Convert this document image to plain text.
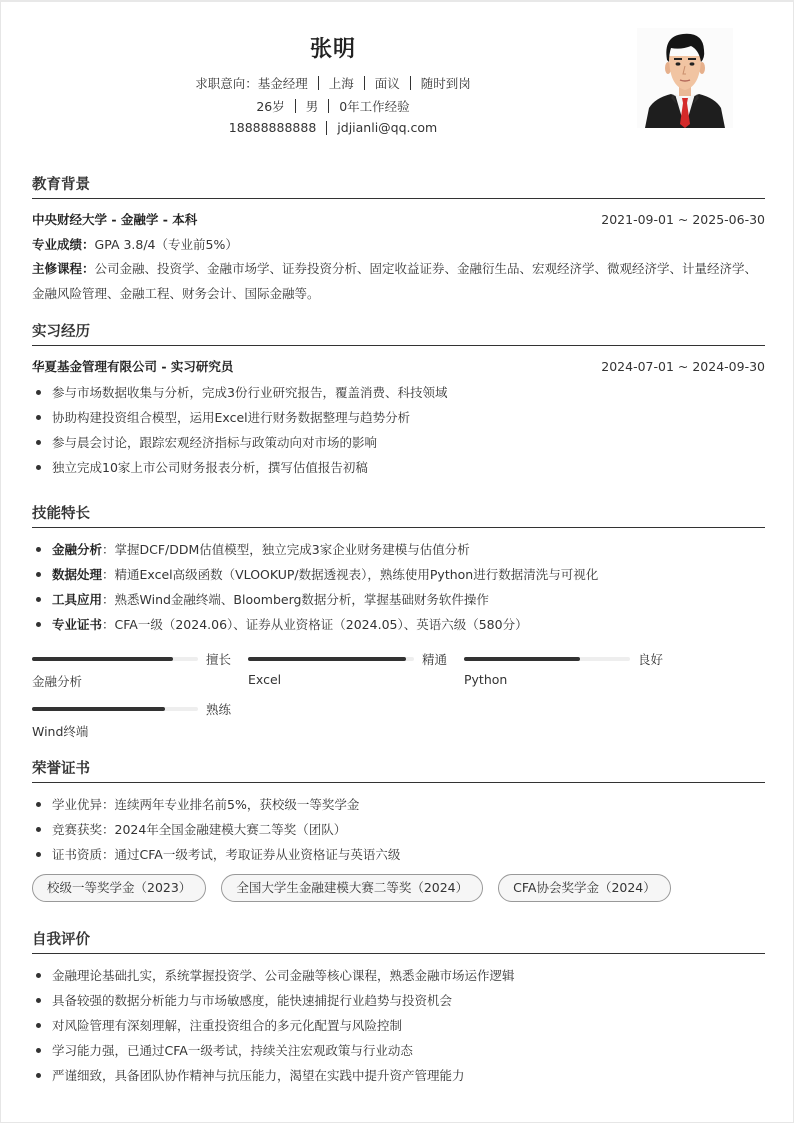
张明
求职意向： 基金经理 上海 面议 随时到岗
26岁 男 0年工作经验
18888888888 jdjianli@qq.com
教育背景
中央财经大学 - 金融学 - 本科	2021-09-01 ~ 2025-06-30
专业成绩：GPA 3.8/4（专业前5%）
主修课程：公司金融、投资学、金融市场学、证券投资分析、固定收益证券、金融衍生品、宏观经济学、微观经济学、计量经济学、金融风险管理、金融工程、财务会计、国际金融等。
实习经历
华夏基金管理有限公司 - 实习研究员	2024-07-01 ~ 2024-09-30
参与市场数据收集与分析，完成3份行业研究报告，覆盖消费、科技领域
协助构建投资组合模型，运用Excel进行财务数据整理与趋势分析
参与晨会讨论，跟踪宏观经济指标与政策动向对市场的影响
独立完成10家上市公司财务报表分析，撰写估值报告初稿
技能特长
金融分析：掌握DCF/DDM估值模型，独立完成3家企业财务建模与估值分析
数据处理：精通Excel高级函数（VLOOKUP/数据透视表），熟练使用Python进行数据清洗与可视化
工具应用：熟悉Wind金融终端、Bloomberg数据分析，掌握基础财务软件操作
专业证书：CFA一级（2024.06）、证券从业资格证（2024.05）、英语六级（580分）
擅长
金融分析
精通
Excel
良好
Python
熟练
Wind终端
荣誉证书
学业优异：连续两年专业排名前5%，获校级一等奖学金
竞赛获奖：2024年全国金融建模大赛二等奖（团队）
证书资质：通过CFA一级考试，考取证券从业资格证与英语六级
校级一等奖学金（2023）	全国大学生金融建模大赛二等奖（2024）	CFA协会奖学金（2024）
自我评价
金融理论基础扎实，系统掌握投资学、公司金融等核心课程，熟悉金融市场运作逻辑
具备较强的数据分析能力与市场敏感度，能快速捕捉行业趋势与投资机会
对风险管理有深刻理解，注重投资组合的多元化配置与风险控制
学习能力强，已通过CFA一级考试，持续关注宏观政策与行业动态
严谨细致，具备团队协作精神与抗压能力，渴望在实践中提升资产管理能力
